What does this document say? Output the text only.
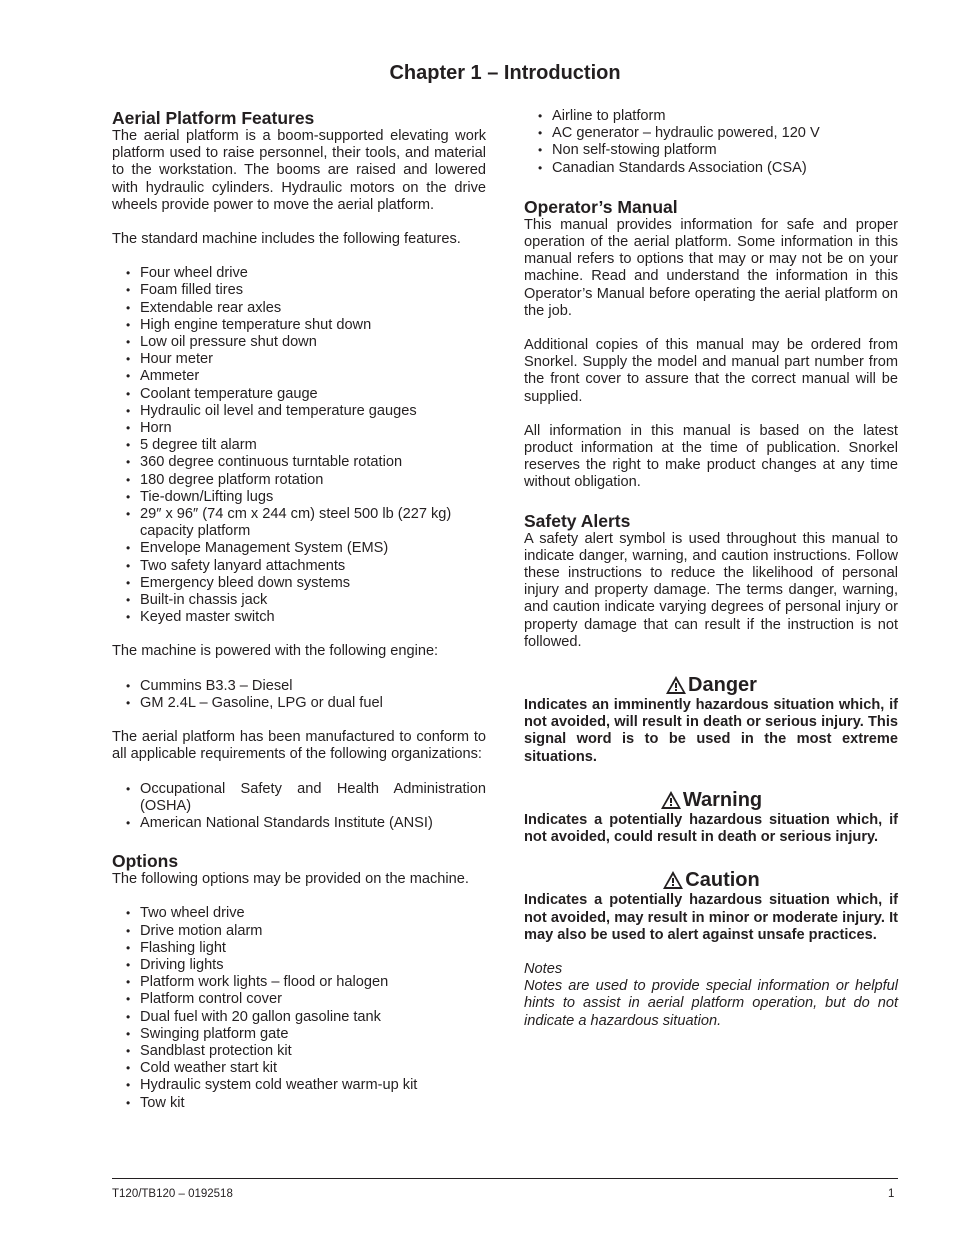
Chapter 1 – Introduction
Aerial Platform Features

The aerial platform is a boom-supported elevating work platform used to raise personnel, their tools, and material to the workstation. The booms are raised and lowered with hydraulic cylinders. Hydraulic motors on the drive wheels provide power to move the aerial platform.

The standard machine includes the following features.

• Four wheel drive
• Foam filled tires
• Extendable rear axles
• High engine temperature shut down
• Low oil pressure shut down
• Hour meter
• Ammeter
• Coolant temperature gauge
• Hydraulic oil level and temperature gauges
• Horn
• 5 degree tilt alarm
• 360 degree continuous turntable rotation
• 180 degree platform rotation
• Tie-down/Lifting lugs
• 29″ x 96″ (74 cm x 244 cm) steel 500 lb (227 kg) capacity platform
• Envelope Management System (EMS)
• Two safety lanyard attachments
• Emergency bleed down systems
• Built-in chassis jack
• Keyed master switch

The machine is powered with the following engine:

• Cummins B3.3 – Diesel
• GM 2.4L – Gasoline, LPG or dual fuel

The aerial platform has been manufactured to conform to all applicable requirements of the following organizations:

• Occupational Safety and Health Administration (OSHA)
• American National Standards Institute (ANSI)
Options

The following options may be provided on the machine.

• Two wheel drive
• Drive motion alarm
• Flashing light
• Driving lights
• Platform work lights – flood or halogen
• Platform control cover
• Dual fuel with 20 gallon gasoline tank
• Swinging platform gate
• Sandblast protection kit
• Cold weather start kit
• Hydraulic system cold weather warm-up kit
• Tow kit
• Airline to platform
• AC generator – hydraulic powered, 120 V
• Non self-stowing platform
• Canadian Standards Association (CSA)
Operator’s Manual

This manual provides information for safe and proper operation of the aerial platform. Some information in this manual refers to options that may or may not be on your machine. Read and understand the information in this Operator’s Manual before operating the aerial platform on the job.

Additional copies of this manual may be ordered from Snorkel. Supply the model and manual part number from the front cover to assure that the correct manual will be supplied.

All information in this manual is based on the latest product information at the time of publication. Snorkel reserves the right to make product changes at any time without obligation.

Safety Alerts

A safety alert symbol is used throughout this manual to indicate danger, warning, and caution instructions. Follow these instructions to reduce the likelihood of personal injury and property damage. The terms danger, warning, and caution indicate varying degrees of personal injury or property damage that can result if the instruction is not followed.

Danger

Indicates an imminently hazardous situation which, if not avoided, will result in death or serious injury. This signal word is to be used in the most extreme situations.

Warning

Indicates a potentially hazardous situation which, if not avoided, could result in death or serious injury.

Caution

Indicates a potentially hazardous situation which, if not avoided, may result in minor or moderate injury. It may also be used to alert against unsafe practices.

Notes

Notes are used to provide special information or helpful hints to assist in aerial platform operation, but do not indicate a hazardous situation.

T120/TB120 – 0192518	1
